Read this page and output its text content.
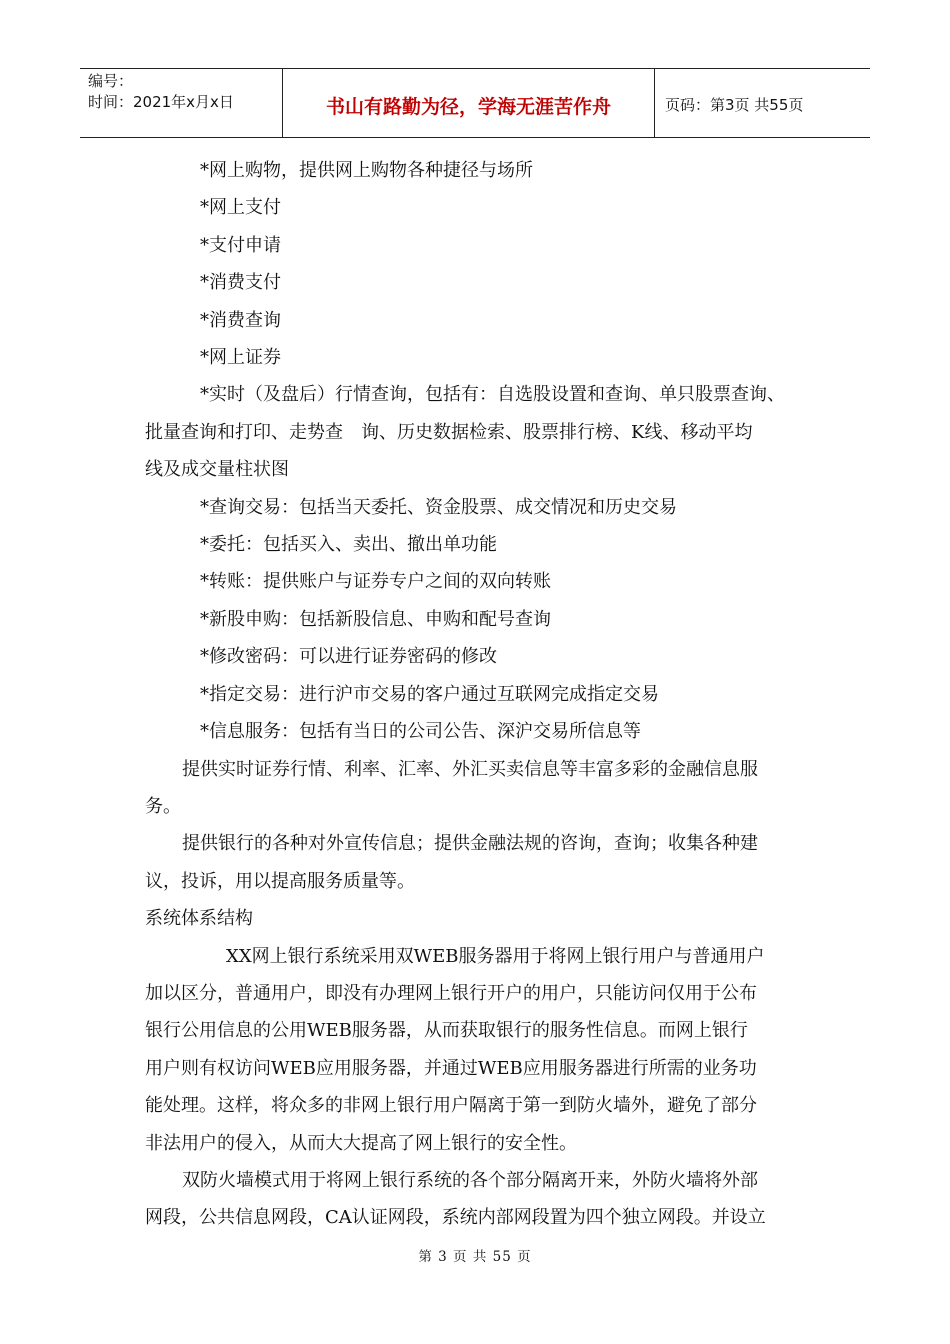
编号：
时间：2021年x月x日	书山有路勤为径，学海无涯苦作舟	页码：第3页 共55页

*网上购物，提供网上购物各种捷径与场所

*网上支付

*支付申请

*消费支付

*消费查询

*网上证券

*实时（及盘后）行情查询，包括有：自选股设置和查询、单只股票查询、

批量查询和打印、走势查　询、历史数据检索、股票排行榜、K线、移动平均

线及成交量柱状图

*查询交易：包括当天委托、资金股票、成交情况和历史交易

*委托：包括买入、卖出、撤出单功能

*转账：提供账户与证券专户之间的双向转账

*新股申购：包括新股信息、申购和配号查询

*修改密码：可以进行证券密码的修改

*指定交易：进行沪市交易的客户通过互联网完成指定交易

*信息服务：包括有当日的公司公告、深沪交易所信息等

提供实时证券行情、利率、汇率、外汇买卖信息等丰富多彩的金融信息服

务。

提供银行的各种对外宣传信息；提供金融法规的咨询，查询；收集各种建

议，投诉，用以提高服务质量等。

系统体系结构

XX网上银行系统采用双WEB服务器用于将网上银行用户与普通用户

加以区分，普通用户，即没有办理网上银行开户的用户，只能访问仅用于公布

银行公用信息的公用WEB服务器，从而获取银行的服务性信息。而网上银行

用户则有权访问WEB应用服务器，并通过WEB应用服务器进行所需的业务功

能处理。这样，将众多的非网上银行用户隔离于第一到防火墙外，避免了部分

非法用户的侵入，从而大大提高了网上银行的安全性。

双防火墙模式用于将网上银行系统的各个部分隔离开来，外防火墙将外部

网段，公共信息网段，CA认证网段，系统内部网段置为四个独立网段。并设立

第 3 页 共 55 页
